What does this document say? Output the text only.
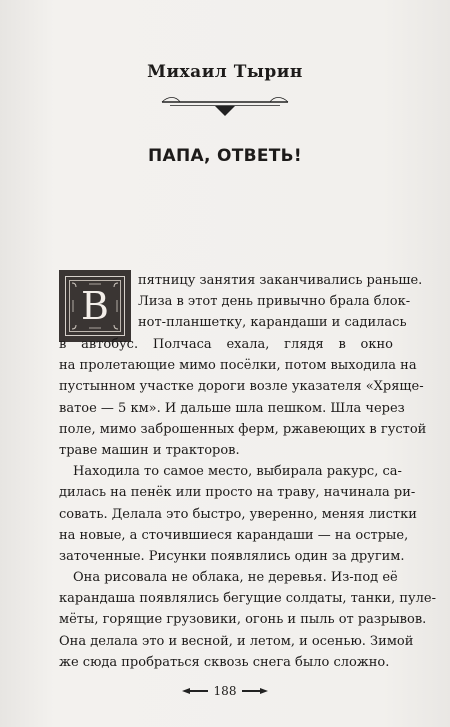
Михаил Тырин
ПАПА, ОТВЕТЬ!
В
пятницу занятия заканчивались раньше.
Лиза в этот день привычно брала блок-
нот-планшетку, карандаши и садилась
в автобус. Полчаса ехала, глядя в окно
на пролетающие мимо посёлки, потом выходила на
пустынном участке дороги возле указателя «Хряще-
ватое — 5 км». И дальше шла пешком. Шла через
поле, мимо заброшенных ферм, ржавеющих в густой
траве машин и тракторов.
Находила то самое место, выбирала ракурс, са-
дилась на пенёк или просто на траву, начинала ри-
совать. Делала это быстро, уверенно, меняя листки
на новые, а сточившиеся карандаши — на острые,
заточенные. Рисунки появлялись один за другим.
Она рисовала не облака, не деревья. Из-под её
карандаша появлялись бегущие солдаты, танки, пуле-
мёты, горящие грузовики, огонь и пыль от разрывов.
Она делала это и весной, и летом, и осенью. Зимой
же сюда пробраться сквозь снега было сложно.
188
